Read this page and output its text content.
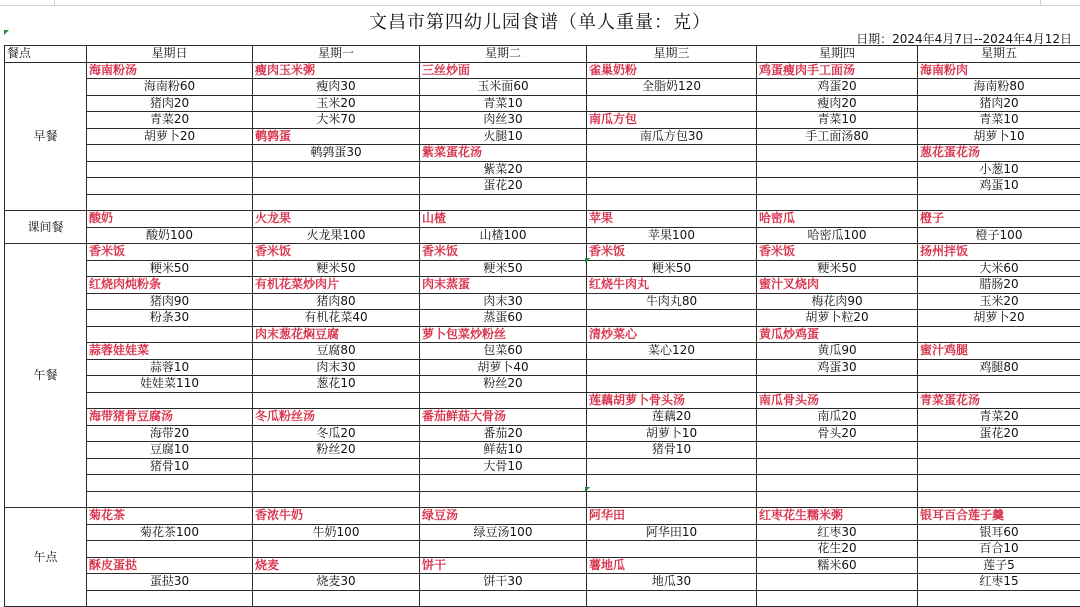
文昌市第四幼儿园食谱（单人重量：克）
日期：2024年4月7日--2024年4月12日
餐点	星期日	星期一	星期二	星期三	星期四	星期五
早餐	海南粉汤	瘦肉玉米粥	三丝炒面	雀巢奶粉	鸡蛋瘦肉手工面汤	海南粉肉
	海南粉60	瘦肉30	玉米面60	全脂奶120	鸡蛋20	海南粉80
	猪肉20	玉米20	青菜10		瘦肉20	猪肉20
	青菜20	大米70	肉丝30	南瓜方包	青菜10	青菜10
	胡萝卜20	鹌鹑蛋	火腿10	南瓜方包30	手工面汤80	胡萝卜10
		鹌鹑蛋30	紫菜蛋花汤			葱花蛋花汤
			紫菜20			小葱10
			蛋花20			鸡蛋10

课间餐	酸奶	火龙果	山楂	苹果	哈密瓜	橙子
	酸奶100	火龙果100	山楂100	苹果100	哈密瓜100	橙子100
午餐	香米饭	香米饭	香米饭	香米饭	香米饭	扬州拌饭
	粳米50	粳米50	粳米50	粳米50	粳米50	大米60
	红烧肉炖粉条	有机花菜炒肉片	肉末蒸蛋	红烧牛肉丸	蜜汁叉烧肉	腊肠20
	猪肉90	猪肉80	肉末30	牛肉丸80	梅花肉90	玉米20
	粉条30	有机花菜40	蒸蛋60		胡萝卜粒20	胡萝卜20
		肉末葱花焖豆腐	萝卜包菜炒粉丝	清炒菜心	黄瓜炒鸡蛋	
	蒜蓉娃娃菜	豆腐80	包菜60	菜心120	黄瓜90	蜜汁鸡腿
	蒜蓉10	肉末30	胡萝卜40		鸡蛋30	鸡腿80
	娃娃菜110	葱花10	粉丝20			
				莲藕胡萝卜骨头汤	南瓜骨头汤	青菜蛋花汤
	海带猪骨豆腐汤	冬瓜粉丝汤	番茄鲜菇大骨汤	莲藕20	南瓜20	青菜20
	海带20	冬瓜20	番茄20	胡萝卜10	骨头20	蛋花20
	豆腐10	粉丝20	鲜菇10	猪骨10		
	猪骨10		大骨10			

午点	菊花茶	香浓牛奶	绿豆汤	阿华田	红枣花生糯米粥	银耳百合莲子羹
	菊花茶100	牛奶100	绿豆汤100	阿华田10	红枣30	银耳60
					花生20	百合10
	酥皮蛋挞	烧麦	饼干	薯地瓜	糯米60	莲子5
	蛋挞30	烧麦30	饼干30	地瓜30		红枣15
